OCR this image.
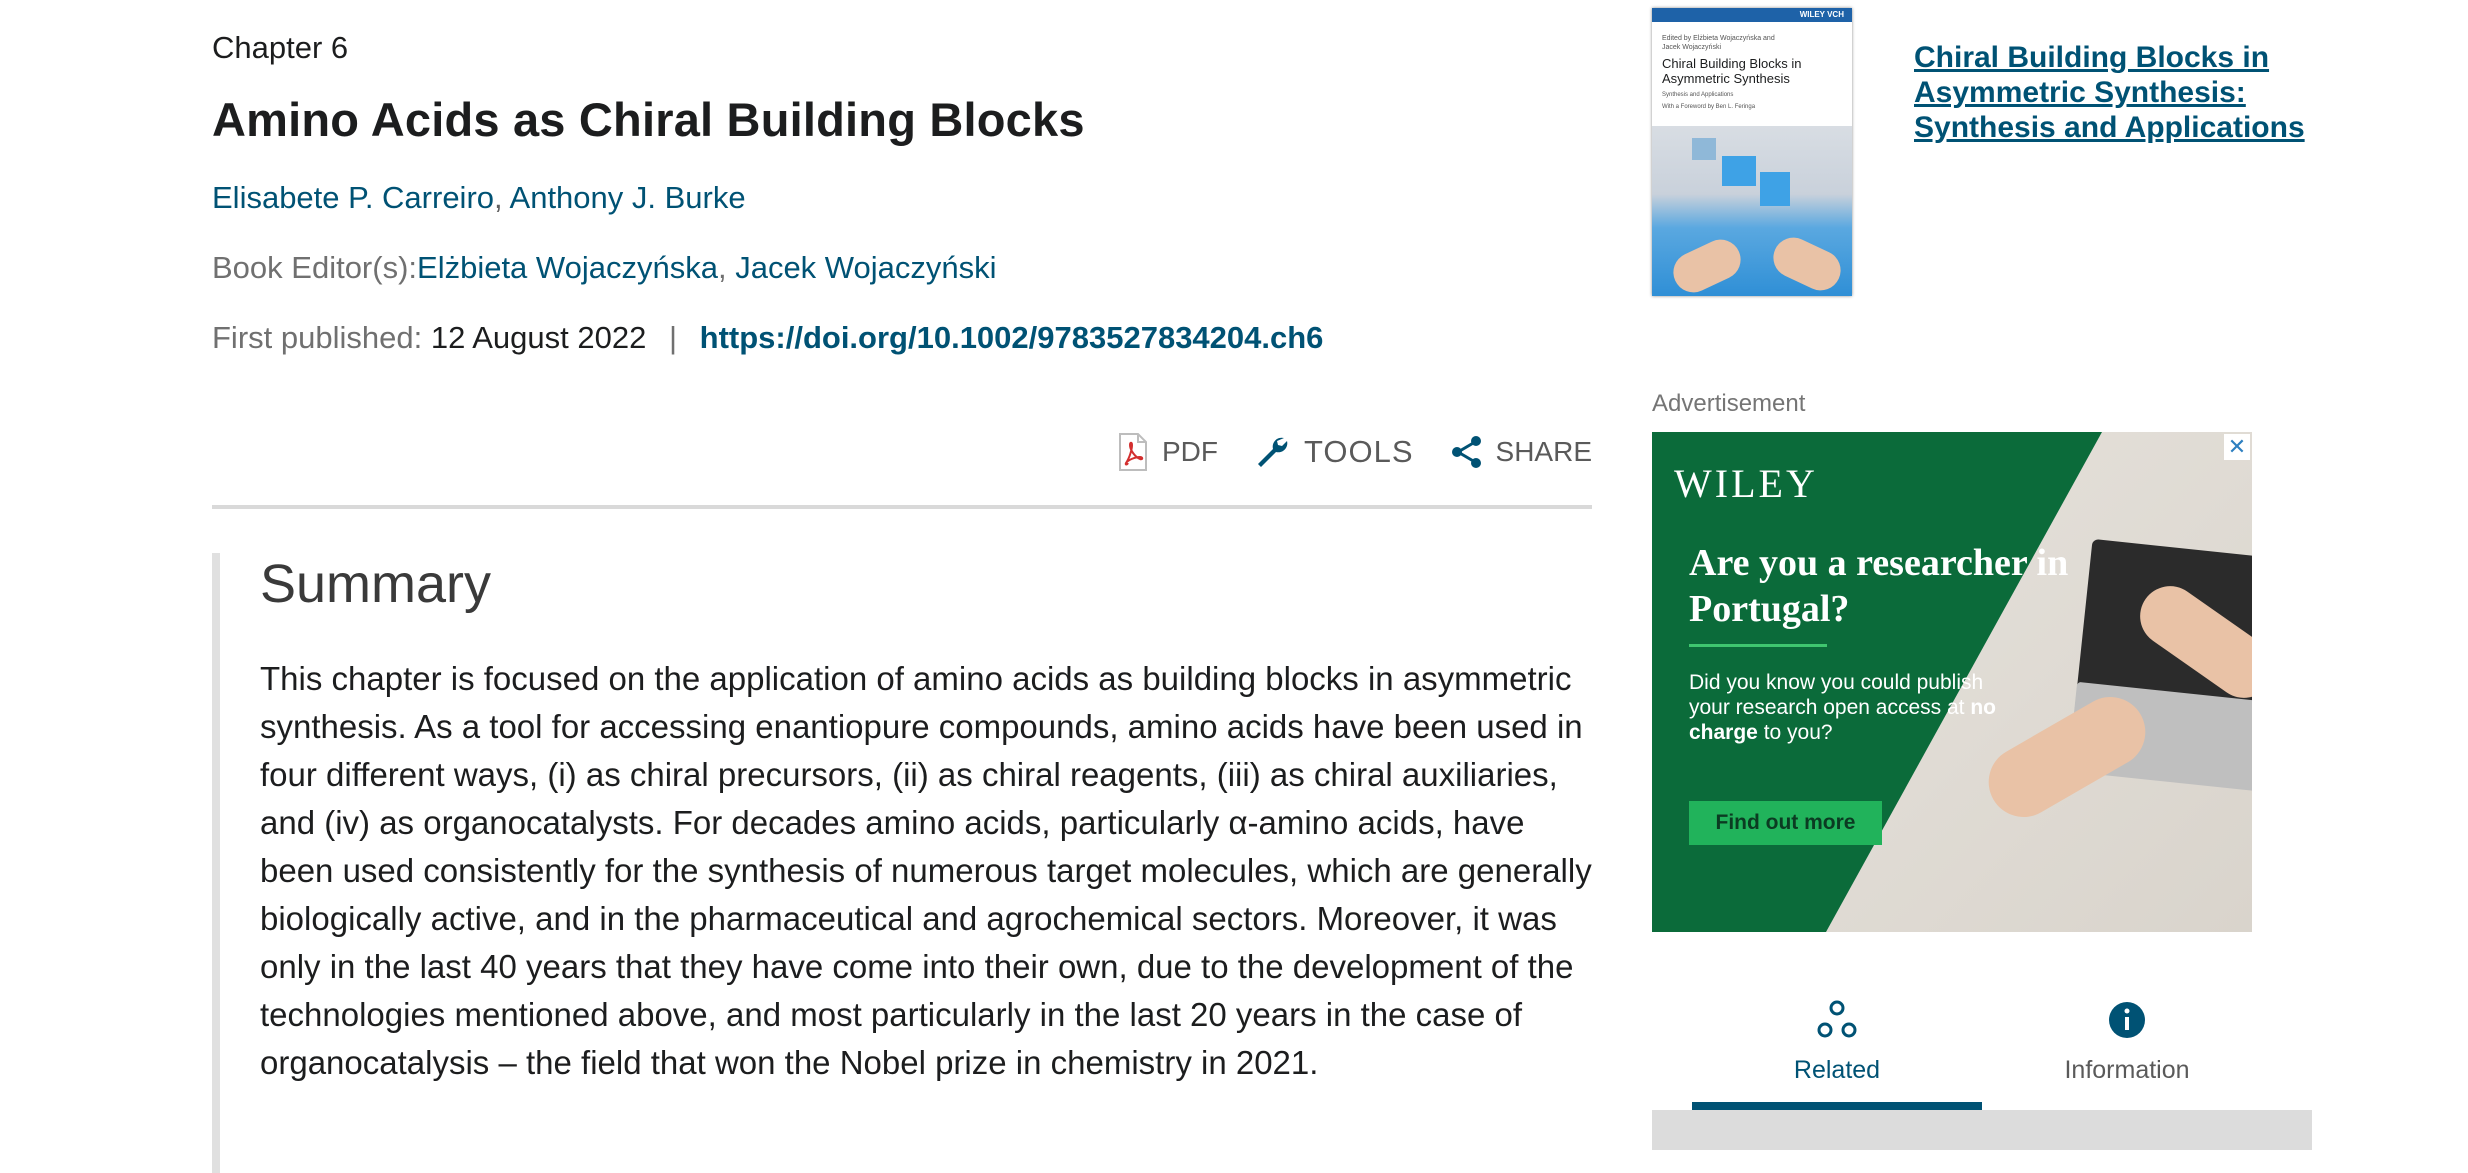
Chapter 6
Amino Acids as Chiral Building Blocks
Elisabete P. Carreiro, Anthony J. Burke
Book Editor(s):Elżbieta Wojaczyńska, Jacek Wojaczyński
First published: 12 August 2022 | https://doi.org/10.1002/9783527834204.ch6
PDF	TOOLS	SHARE
Summary

This chapter is focused on the application of amino acids as building blocks in asymmetric synthesis. As a tool for accessing enantiopure compounds, amino acids have been used in four different ways, (i) as chiral precursors, (ii) as chiral reagents, (iii) as chiral auxiliaries, and (iv) as organocatalysts. For decades amino acids, particularly α-amino acids, have been used consistently for the synthesis of numerous target molecules, which are generally biologically active, and in the pharmaceutical and agrochemical sectors. Moreover, it was only in the last 40 years that they have come into their own, due to the development of the technologies mentioned above, and most particularly in the last 20 years in the case of organocatalysis – the field that won the Nobel prize in chemistry in 2021.

WILEY VCH
Edited by Elżbieta Wojaczyńska and Jacek Wojaczyński
Chiral Building Blocks in Asymmetric Synthesis
Synthesis and Applications
With a Foreword by Ben L. Feringa
Chiral Building Blocks in Asymmetric Synthesis: Synthesis and Applications
Advertisement
✕
WILEY
Are you a researcher in Portugal?
Did you know you could publish your research open access at no charge to you?
Find out more
Related	Information
